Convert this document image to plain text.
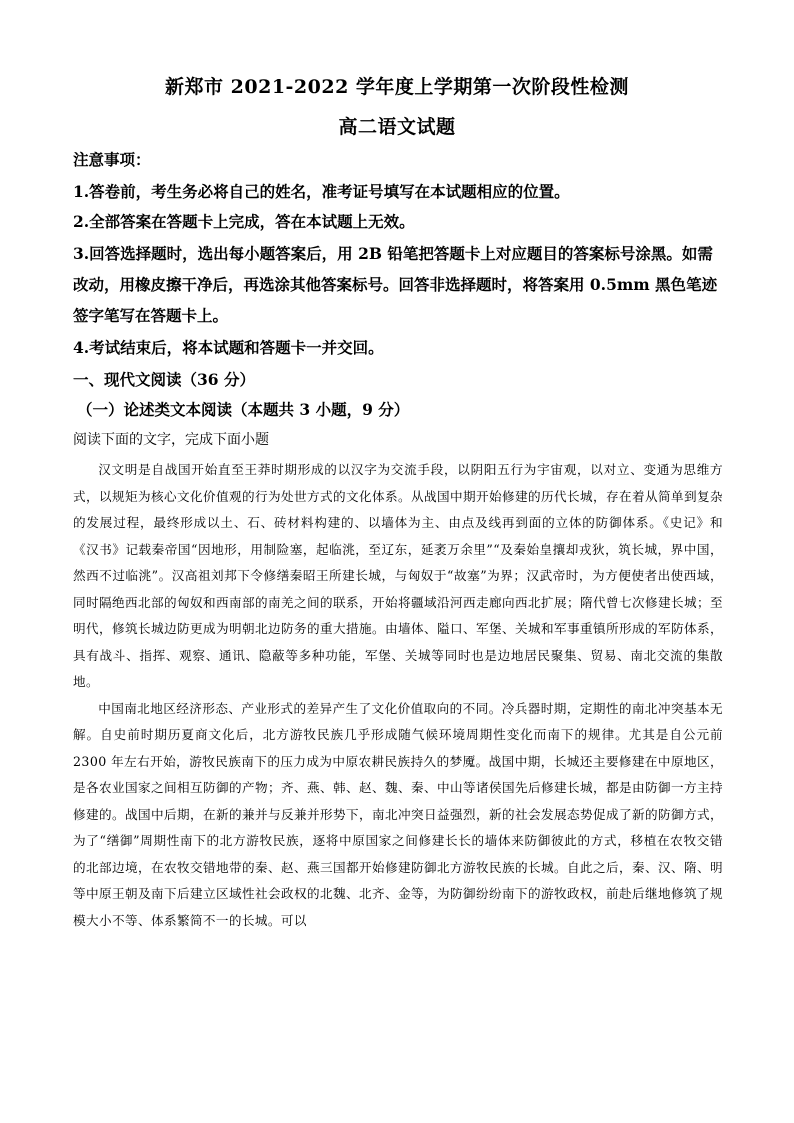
新郑市 2021-2022 学年度上学期第一次阶段性检测
高二语文试题
注意事项：
1.答卷前，考生务必将自己的姓名，准考证号填写在本试题相应的位置。
2.全部答案在答题卡上完成，答在本试题上无效。
3.回答选择题时，选出每小题答案后，用 2B 铅笔把答题卡上对应题目的答案标号涂黑。如需
改动，用橡皮擦干净后，再选涂其他答案标号。回答非选择题时，将答案用 0.5mm 黑色笔迹
签字笔写在答题卡上。
4.考试结束后，将本试题和答题卡一并交回。
一、现代文阅读（36 分）
（一）论述类文本阅读（本题共 3 小题，9 分）
阅读下面的文字，完成下面小题

汉文明是自战国开始直至王莽时期形成的以汉字为交流手段，以阴阳五行为宇宙观，以对立、变通为思维方式，以规矩为核心文化价值观的行为处世方式的文化体系。从战国中期开始修建的历代长城，存在着从简单到复杂的发展过程，最终形成以土、石、砖材料构建的、以墙体为主、由点及线再到面的立体的防御体系。《史记》和《汉书》记载秦帝国“因地形，用制险塞，起临洮，至辽东，延袤万余里”“及秦始皇攘却戎狄，筑长城，界中国，然西不过临洮”。汉高祖刘邦下令修缮秦昭王所建长城，与匈奴于“故塞”为界；汉武帝时，为方便使者出使西域，同时隔绝西北部的匈奴和西南部的南羌之间的联系，开始将疆域沿河西走廊向西北扩展；隋代曾七次修建长城；至明代，修筑长城边防更成为明朝北边防务的重大措施。由墙体、隘口、军堡、关城和军事重镇所形成的军防体系，具有战斗、指挥、观察、通讯、隐蔽等多种功能，军堡、关城等同时也是边地居民聚集、贸易、南北交流的集散地。

中国南北地区经济形态、产业形式的差异产生了文化价值取向的不同。冷兵器时期，定期性的南北冲突基本无解。自史前时期历夏商文化后，北方游牧民族几乎形成随气候环境周期性变化而南下的规律。尤其是自公元前 2300 年左右开始，游牧民族南下的压力成为中原农耕民族持久的梦魇。战国中期，长城还主要修建在中原地区，是各农业国家之间相互防御的产物；齐、燕、韩、赵、魏、秦、中山等诸侯国先后修建长城，都是由防御一方主持修建的。战国中后期，在新的兼并与反兼并形势下，南北冲突日益强烈，新的社会发展态势促成了新的防御方式，为了“缮御”周期性南下的北方游牧民族，逐将中原国家之间修建长长的墙体来防御彼此的方式，移植在农牧交错的北部边境，在农牧交错地带的秦、赵、燕三国都开始修建防御北方游牧民族的长城。自此之后，秦、汉、隋、明等中原王朝及南下后建立区域性社会政权的北魏、北齐、金等，为防御纷纷南下的游牧政权，前赴后继地修筑了规模大小不等、体系繁简不一的长城。可以
